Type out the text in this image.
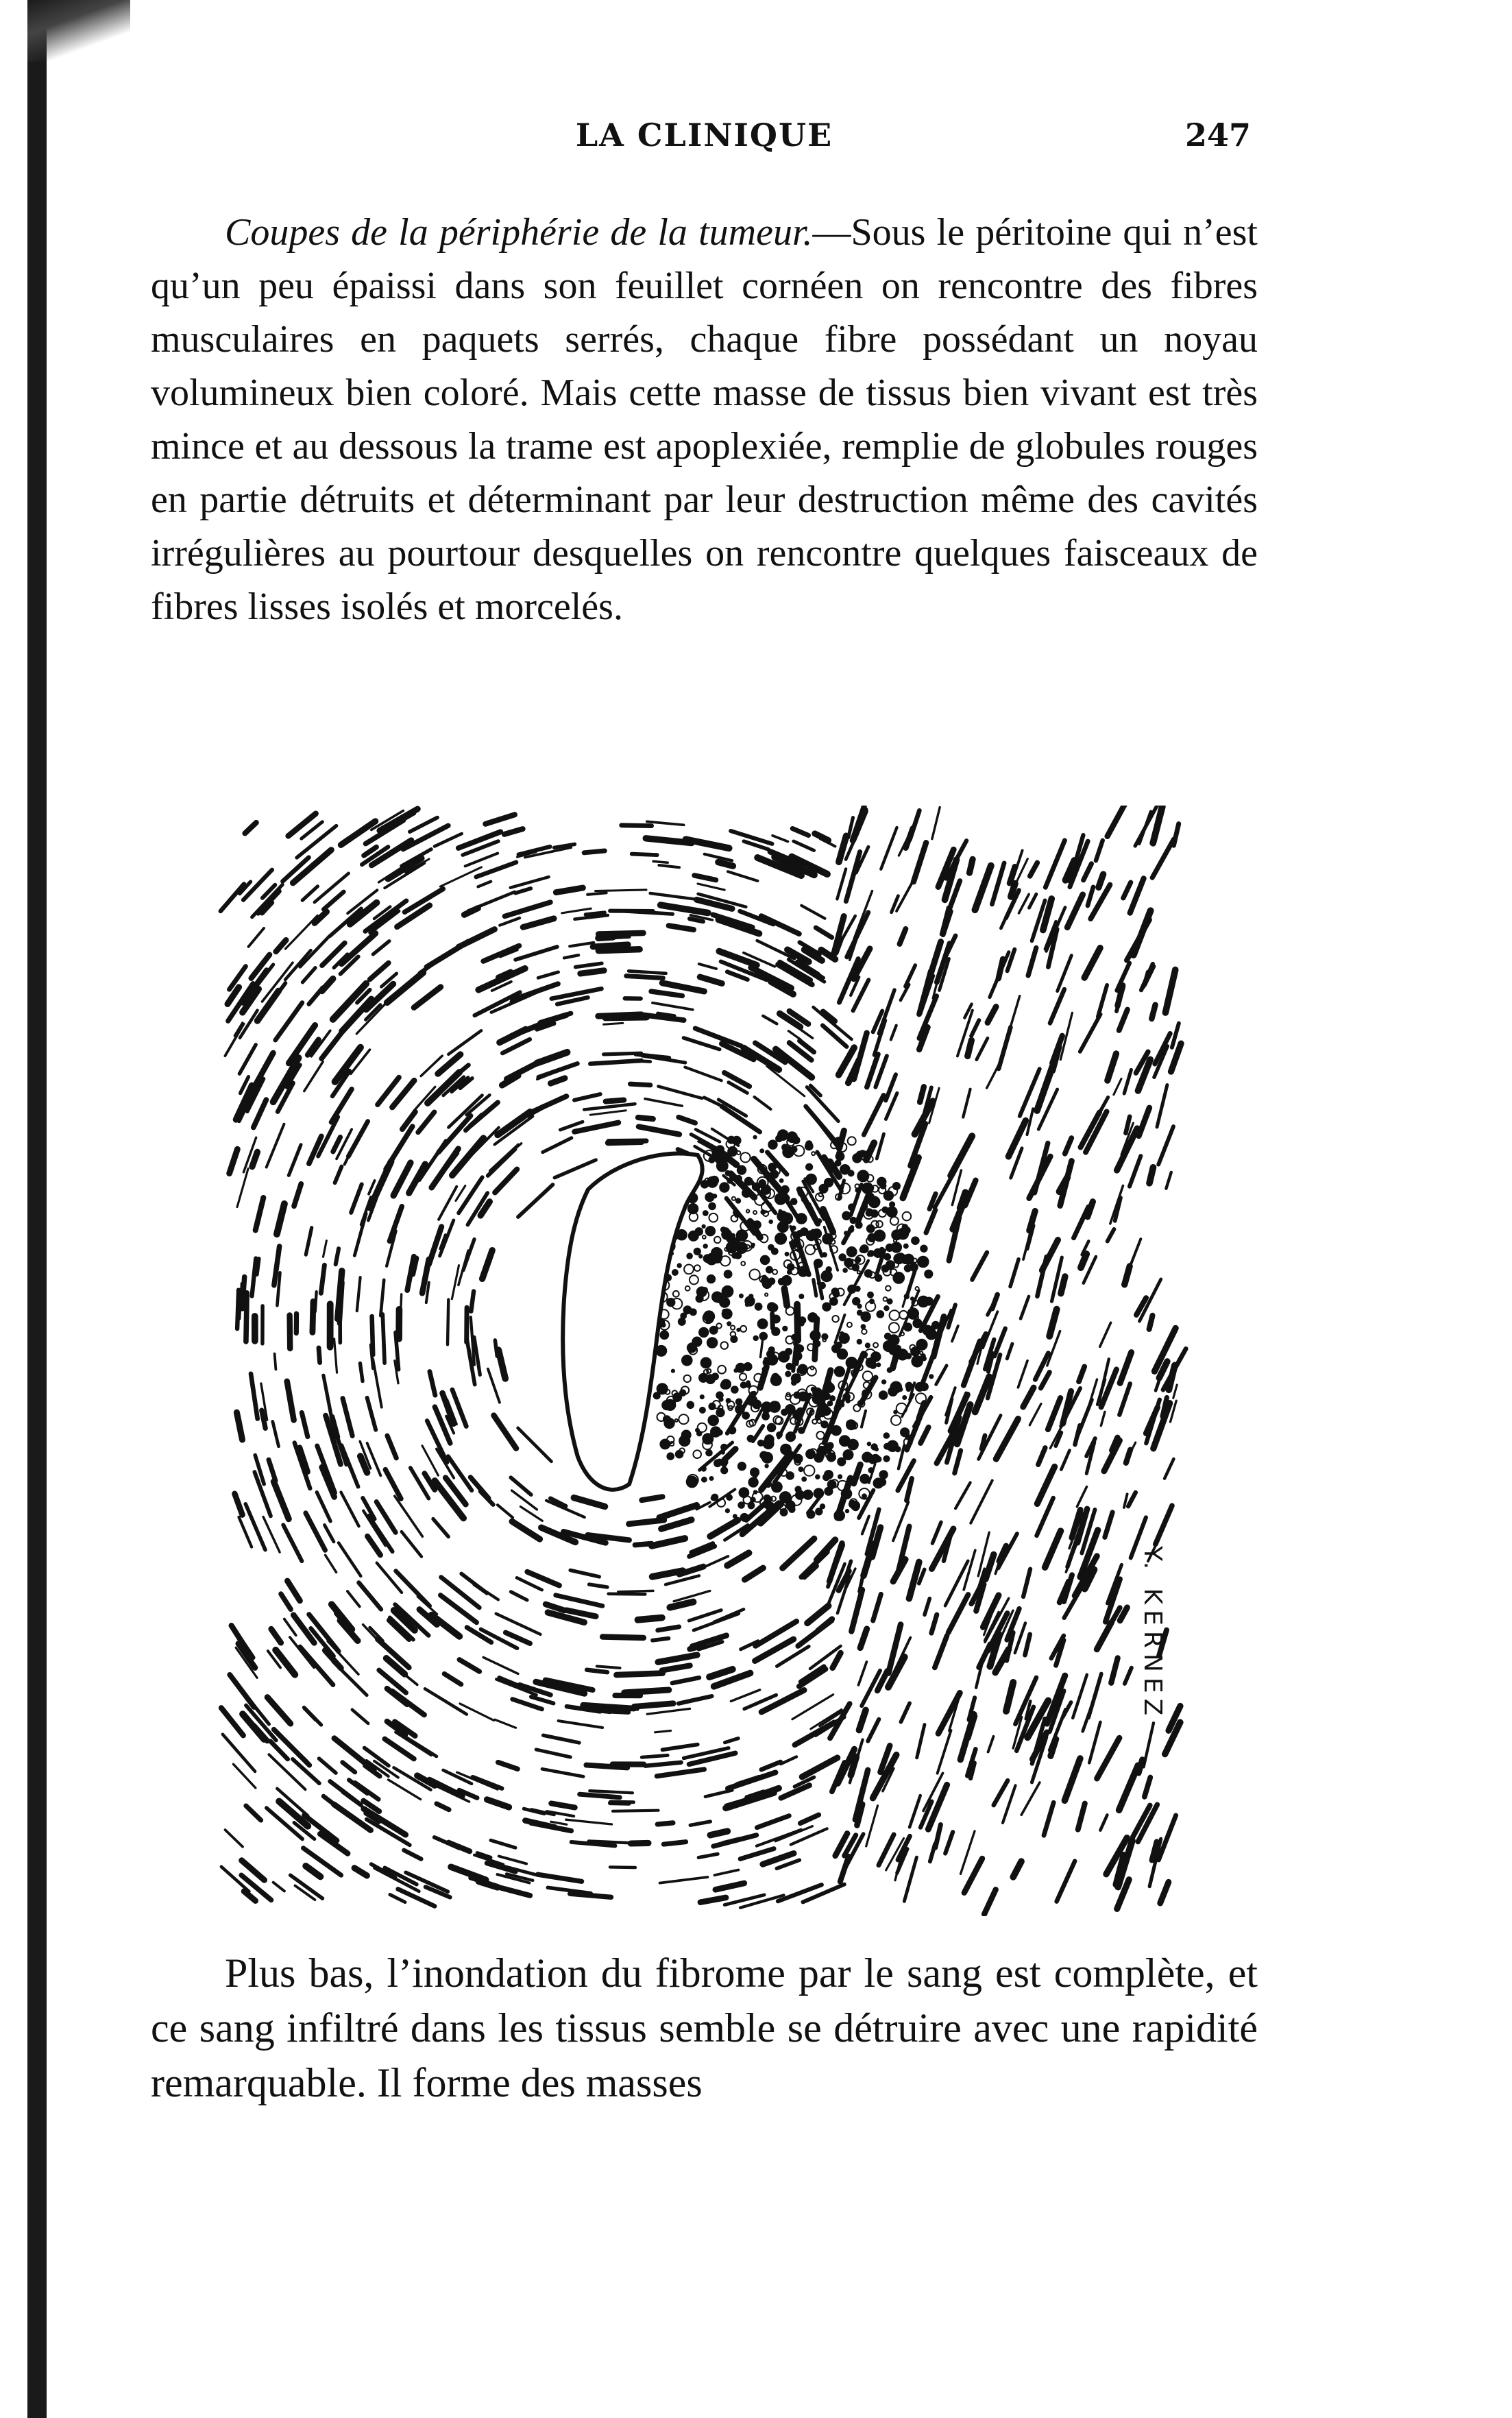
LA CLINIQUE	247

Coupes de la périphérie de la tumeur.—Sous le péritoine qui n’est qu’un peu épaissi dans son feuillet cornéen on rencontre des fibres musculaires en paquets serrés, chaque fibre possédant un noyau volumineux bien coloré. Mais cette masse de tissus bien vivant est très mince et au dessous la trame est apoplexiée, remplie de globules rouges en partie détruits et déterminant par leur destruction même des cavités irrégulières au pourtour desquelles on rencontre quelques faisceaux de fibres lisses isolés et morcelés.

Y. KERNEZ

Plus bas, l’inondation du fibrome par le sang est complète, et ce sang infiltré dans les tissus semble se détruire avec une rapidité remarquable. Il forme des masses
